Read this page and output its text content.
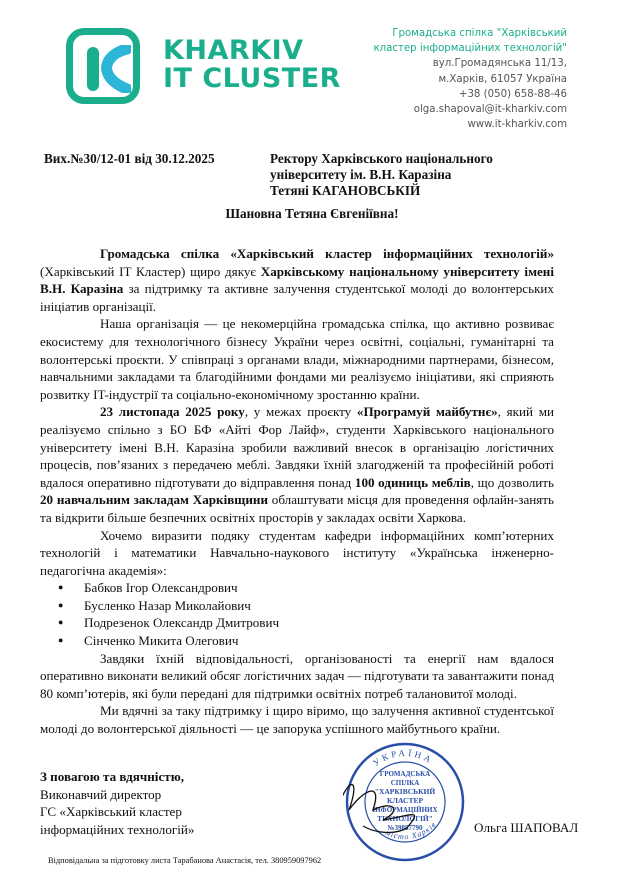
KHARKIV
IT CLUSTER
Громадська спілка "Харківський
кластер інформаційних технологій"
вул.Громадянська 11/13,
м.Харків, 61057 Україна
+38 (050) 658-88-46
olga.shapoval@it-kharkiv.com
www.it-kharkiv.com
Вих.№30/12-01 від 30.12.2025	Ректору Харківського національного
університету ім. В.Н. Каразіна
Тетяні КАГАНОВСЬКІЙ
Шановна Тетяна Євгеніївна!

Громадська спілка «Харківський кластер інформаційних технологій» (Харківський IT Кластер) щиро дякує Харківському національному університету імені В.Н. Каразіна за підтримку та активне залучення студентської молоді до волонтерських ініціатив організації.

Наша організація — це некомерційна громадська спілка, що активно розвиває екосистему для технологічного бізнесу України через освітні, соціальні, гуманітарні та волонтерські проєкти. У співпраці з органами влади, міжнародними партнерами, бізнесом, навчальними закладами та благодійними фондами ми реалізуємо ініціативи, які сприяють розвитку IT-індустрії та соціально-економічному зростанню країни.

23 листопада 2025 року, у межах проєкту «Програмуй майбутнє», який ми реалізуємо спільно з БО БФ «Айті Фор Лайф», студенти Харківського національного університету імені В.Н. Каразіна зробили важливий внесок в організацію логістичних процесів, пов’язаних з передачею меблі. Завдяки їхній злагодженій та професійній роботі вдалося оперативно підготувати до відправлення понад 100 одиниць меблів, що дозволить 20 навчальним закладам Харківщини облаштувати місця для проведення офлайн-занять та відкрити більше безпечних освітніх просторів у закладах освіти Харкова.

Хочемо виразити подяку студентам кафедри інформаційних комп’ютерних технологій і математики Навчально-наукового інституту «Українська інженерно-педагогічна академія»:

● Бабков Ігор Олександрович
● Бусленко Назар Миколайович
● Подрезенок Олександр Дмитрович
● Сінченко Микита Олегович

Завдяки їхній відповідальності, організованості та енергії нам вдалося оперативно виконати великий обсяг логістичних задач — підготувати та завантажити понад 80 комп’ютерів, які були передані для підтримки освітніх потреб талановитої молоді.

Ми вдячні за таку підтримку і щиро віримо, що залучення активної студентської молоді до волонтерської діяльності — це запорука успішного майбутнього країни.

З повагою та вдячністю,
Виконавчий директор
ГС «Харківський кластер
інформаційних технологій»
УКРАЇНА
місто Харків
ГРОМАДСЬКА
СПІЛКА
"ХАРКІВСЬКИЙ
КЛАСТЕР
ІНФОРМАЦІЙНИХ
ТЕХНОЛОГІЙ"
№39887790	Ольга ШАПОВАЛ
Відповідальна за підготовку листа Тарабанова Анастасія, тел. 380959097962
